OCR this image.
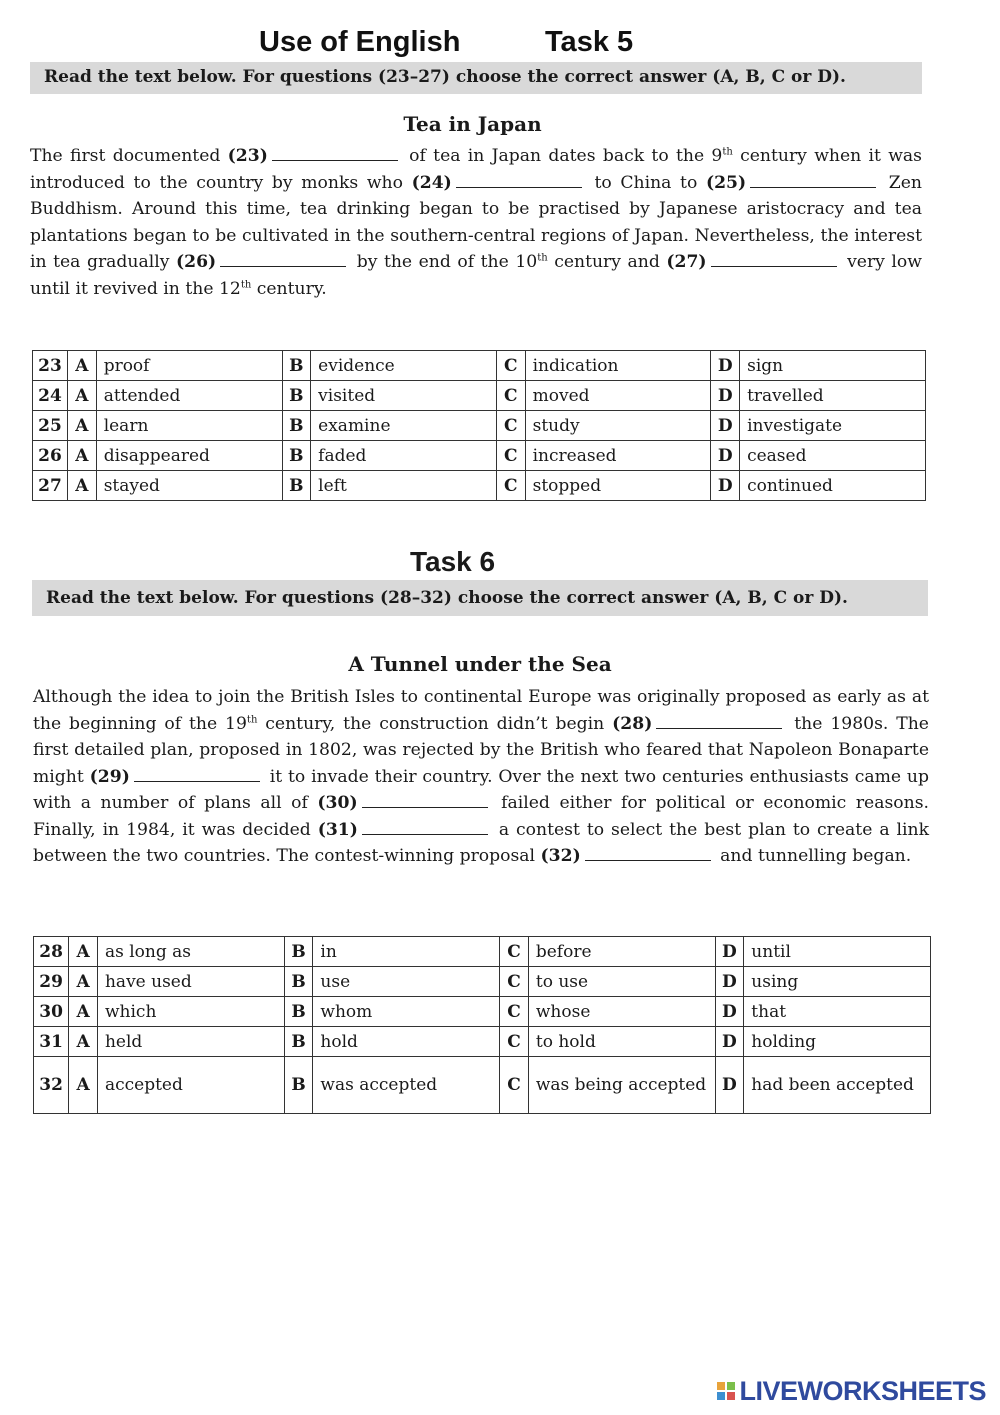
Use of English	Task 5
Read the text below. For questions (23–27) choose the correct answer (A, B, C or D).
Tea in Japan
The first documented (23)	of tea in Japan dates back to the 9th century when it was introduced to the country by monks who (24)	to China to (25)	Zen Buddhism. Around this time, tea drinking began to be practised by Japanese aristocracy and tea plantations began to be cultivated in the southern-central regions of Japan. Nevertheless, the interest in tea gradually (26)	by the end of the 10th century and (27)	very low until it revived in the 12th century.
23	A	proof	B	evidence	C	indication	D	sign
24	A	attended	B	visited	C	moved	D	travelled
25	A	learn	B	examine	C	study	D	investigate
26	A	disappeared	B	faded	C	increased	D	ceased
27	A	stayed	B	left	C	stopped	D	continued
Task 6
Read the text below. For questions (28–32) choose the correct answer (A, B, C or D).
A Tunnel under the Sea
Although the idea to join the British Isles to continental Europe was originally proposed as early as at the beginning of the 19th century, the construction didn’t begin (28)	the 1980s. The first detailed plan, proposed in 1802, was rejected by the British who feared that Napoleon Bonaparte might (29)	it to invade their country. Over the next two centuries enthusiasts came up with a number of plans all of (30)	failed either for political or economic reasons. Finally, in 1984, it was decided (31)	a contest to select the best plan to create a link between the two countries. The contest-winning proposal (32)	and tunnelling began.
28	A	as long as	B	in	C	before	D	until
29	A	have used	B	use	C	to use	D	using
30	A	which	B	whom	C	whose	D	that
31	A	held	B	hold	C	to hold	D	holding
32	A	accepted	B	was accepted	C	was being accepted	D	had been accepted
LIVEWORKSHEETS
